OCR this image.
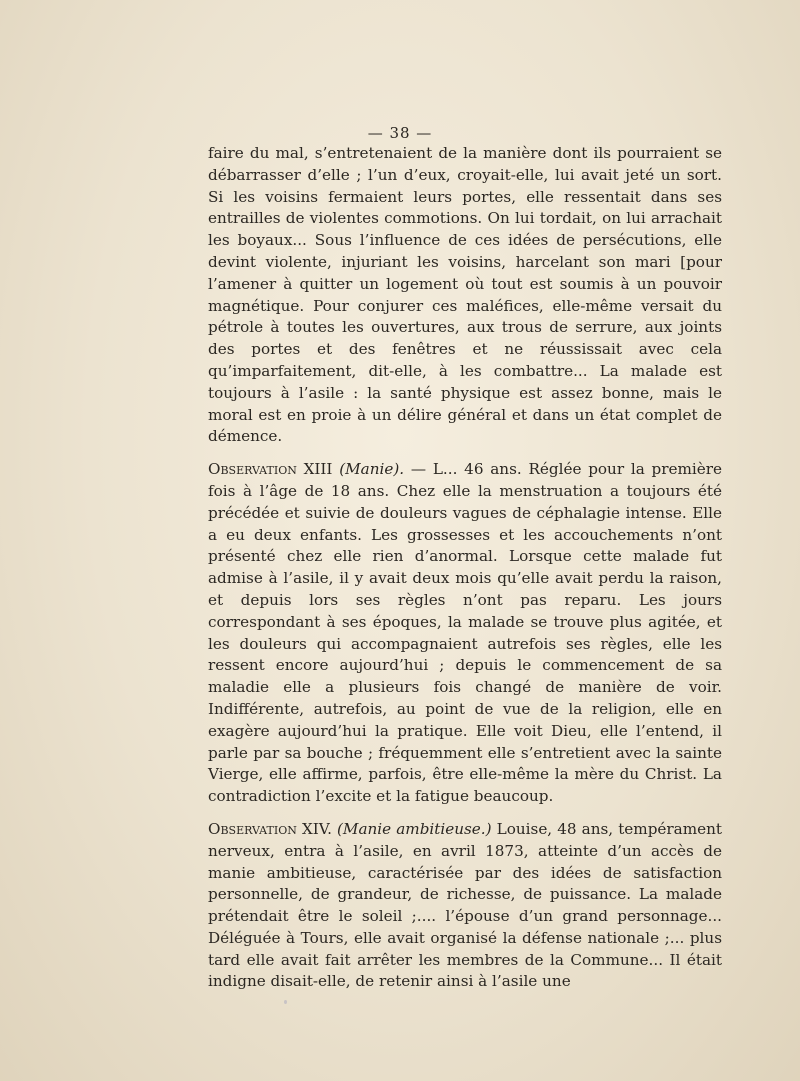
— 38 —

faire du mal, s’entretenaient de la manière dont ils pourraient se débarrasser d’elle ; l’un d’eux, croyait-elle, lui avait jeté un sort. Si les voisins fermaient leurs portes, elle ressentait dans ses entrailles de violentes commotions. On lui tordait, on lui arrachait les boyaux... Sous l’influence de ces idées de persécutions, elle devint violente, injuriant les voisins, harcelant son mari [pour l’amener à quitter un logement où tout est soumis à un pouvoir magnétique. Pour conjurer ces maléfices, elle-même versait du pétrole à toutes les ouvertures, aux trous de serrure, aux joints des portes et des fenêtres et ne réussissait avec cela qu’imparfaitement, dit-elle, à les combattre... La malade est toujours à l’asile : la santé physique est assez bonne, mais le moral est en proie à un délire général et dans un état complet de démence.

Observation XIII (Manie). — L... 46 ans. Réglée pour la première fois à l’âge de 18 ans. Chez elle la menstruation a toujours été précédée et suivie de douleurs vagues de céphalagie intense. Elle a eu deux enfants. Les grossesses et les accouchements n’ont présenté chez elle rien d’anormal. Lorsque cette malade fut admise à l’asile, il y avait deux mois qu’elle avait perdu la raison, et depuis lors ses règles n’ont pas reparu. Les jours correspondant à ses époques, la malade se trouve plus agitée, et les douleurs qui accompagnaient autrefois ses règles, elle les ressent encore aujourd’hui ; depuis le commencement de sa maladie elle a plusieurs fois changé de manière de voir. Indifférente, autrefois, au point de vue de la religion, elle en exagère aujourd’hui la pratique. Elle voit Dieu, elle l’entend, il parle par sa bouche ; fréquemment elle s’entretient avec la sainte Vierge, elle affirme, parfois, être elle-même la mère du Christ. La contradiction l’excite et la fatigue beaucoup.

Observation XIV. (Manie ambitieuse.) Louise, 48 ans, tempérament nerveux, entra à l’asile, en avril 1873, atteinte d’un accès de manie ambitieuse, caractérisée par des idées de satisfaction personnelle, de grandeur, de richesse, de puissance. La malade prétendait être le soleil ;.... l’épouse d’un grand personnage... Déléguée à Tours, elle avait organisé la défense nationale ;... plus tard elle avait fait arrêter les membres de la Commune... Il était indigne disait-elle, de retenir ainsi à l’asile une
